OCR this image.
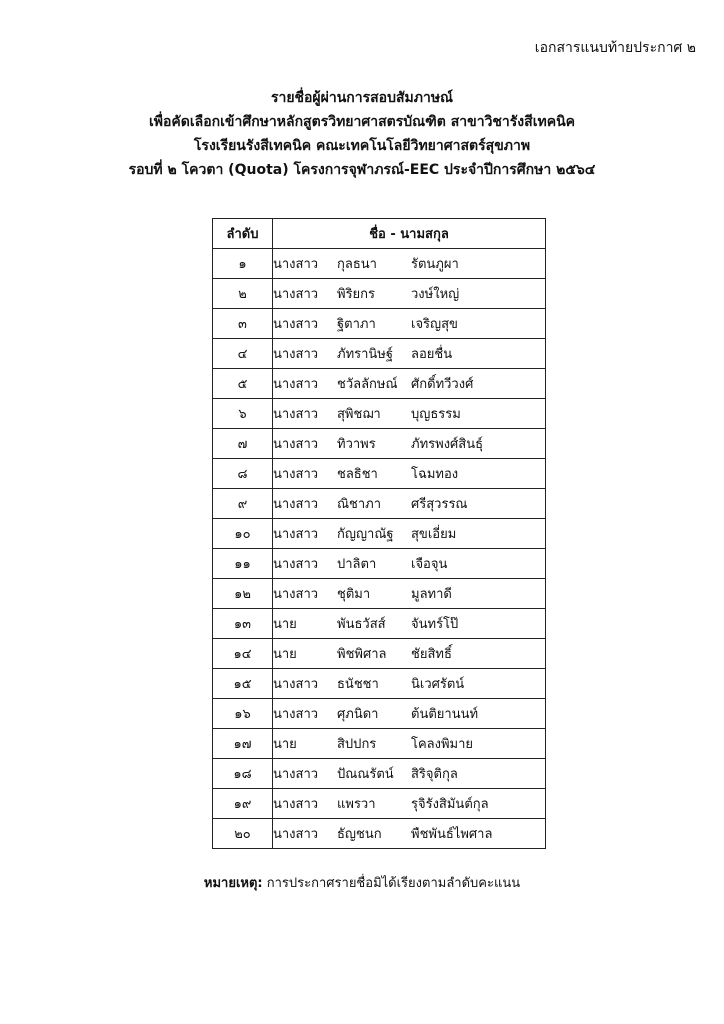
เอกสารแนบท้ายประกาศ ๒
รายชื่อผู้ผ่านการสอบสัมภาษณ์
เพื่อคัดเลือกเข้าศึกษาหลักสูตรวิทยาศาสตรบัณฑิต สาขาวิชารังสีเทคนิค
โรงเรียนรังสีเทคนิค คณะเทคโนโลยีวิทยาศาสตร์สุขภาพ
รอบที่ ๒ โควตา (Quota) โครงการจุฬาภรณ์-EEC ประจำปีการศึกษา ๒๕๖๔
ลำดับ	ชื่อ - นามสกุล
๑	นางสาว กุลธนา รัตนภูผา
๒	นางสาว พิริยกร วงษ์ใหญ่
๓	นางสาว ฐิตาภา เจริญสุข
๔	นางสาว ภัทรานิษฐ์ ลอยชื่น
๕	นางสาว ชวัลลักษณ์ ศักดิ์ทวีวงศ์
๖	นางสาว สุพิชฌา บุญธรรม
๗	นางสาว ทิวาพร ภัทรพงศ์สินธุ์
๘	นางสาว ชลธิชา โฉมทอง
๙	นางสาว ณิชาภา ศรีสุวรรณ
๑๐	นางสาว กัญญาณัฐ สุขเอี่ยม
๑๑	นางสาว ปาลิตา เจือจุน
๑๒	นางสาว ชุติมา มูลทาดี
๑๓	นาย พันธวัสส์ จันทร์โป๊
๑๔	นาย พิชพิศาล ชัยสิทธิ์
๑๕	นางสาว ธนัชชา นิเวศรัตน์
๑๖	นางสาว ศุภนิดา ต้นติยานนท์
๑๗	นาย สิปปกร โคลงพิมาย
๑๘	นางสาว ปัณณรัตน์ สิริจุติกุล
๑๙	นางสาว แพรวา รุจิรังสิมันต์กุล
๒๐	นางสาว ธัญชนก พืชพันธ์ไพศาล
หมายเหตุ: การประกาศรายชื่อมิได้เรียงตามลำดับคะแนน
